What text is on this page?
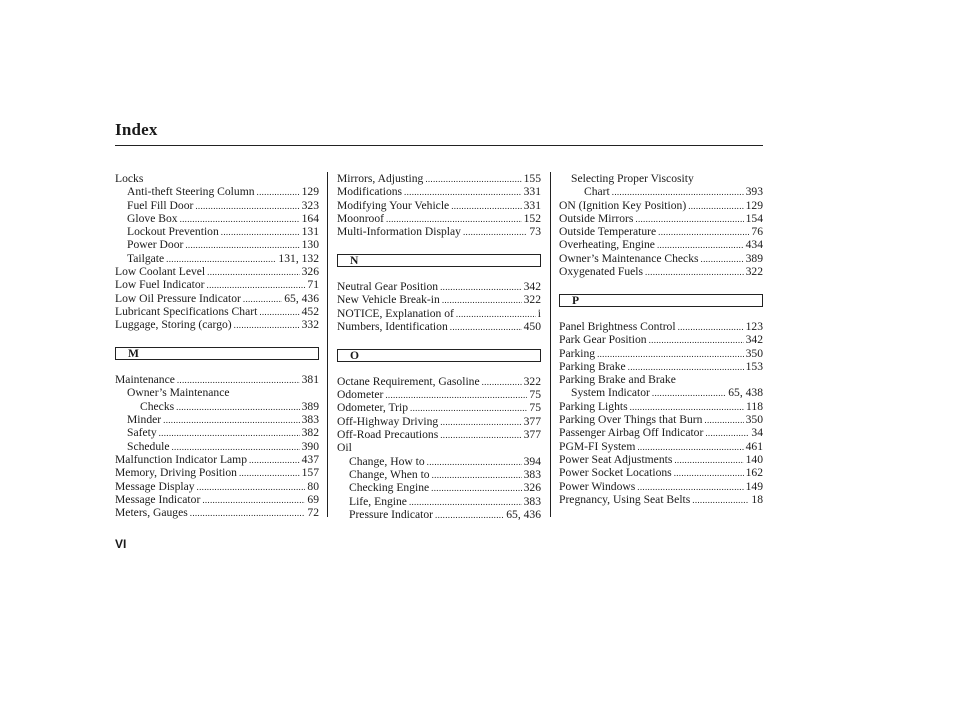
Index
Locks
Anti-theft Steering Column .....	129
Fuel Fill Door .....	323
Glove Box .....	164
Lockout Prevention .....	131
Power Door .....	130
Tailgate .....	131, 132
Low Coolant Level .....	326
Low Fuel Indicator .....	71
Low Oil Pressure Indicator .....	65, 436
Lubricant Specifications Chart .....	452
Luggage, Storing (cargo) .....	332
M
Maintenance .....	381
Owner’s Maintenance
Checks .....	389
Minder .....	383
Safety .....	382
Schedule .....	390
Malfunction Indicator Lamp .....	437
Memory, Driving Position .....	157
Message Display .....	80
Message Indicator .....	69
Meters, Gauges .....	72
Mirrors, Adjusting .....	155
Modifications .....	331
Modifying Your Vehicle .....	331
Moonroof .....	152
Multi-Information Display .....	73
N
Neutral Gear Position .....	342
New Vehicle Break-in .....	322
NOTICE, Explanation of .....	i
Numbers, Identification .....	450
O
Octane Requirement, Gasoline .....	322
Odometer .....	75
Odometer, Trip .....	75
Off-Highway Driving .....	377
Off-Road Precautions .....	377
Oil
Change, How to .....	394
Change, When to .....	383
Checking Engine .....	326
Life, Engine .....	383
Pressure Indicator .....	65, 436
Selecting Proper Viscosity
Chart .....	393
ON (Ignition Key Position) .....	129
Outside Mirrors .....	154
Outside Temperature .....	76
Overheating, Engine .....	434
Owner’s Maintenance Checks .....	389
Oxygenated Fuels .....	322
P
Panel Brightness Control .....	123
Park Gear Position .....	342
Parking .....	350
Parking Brake .....	153
Parking Brake and Brake
System Indicator .....	65, 438
Parking Lights .....	118
Parking Over Things that Burn .....	350
Passenger Airbag Off Indicator .....	34
PGM-FI System .....	461
Power Seat Adjustments .....	140
Power Socket Locations .....	162
Power Windows .....	149
Pregnancy, Using Seat Belts .....	18
VI
